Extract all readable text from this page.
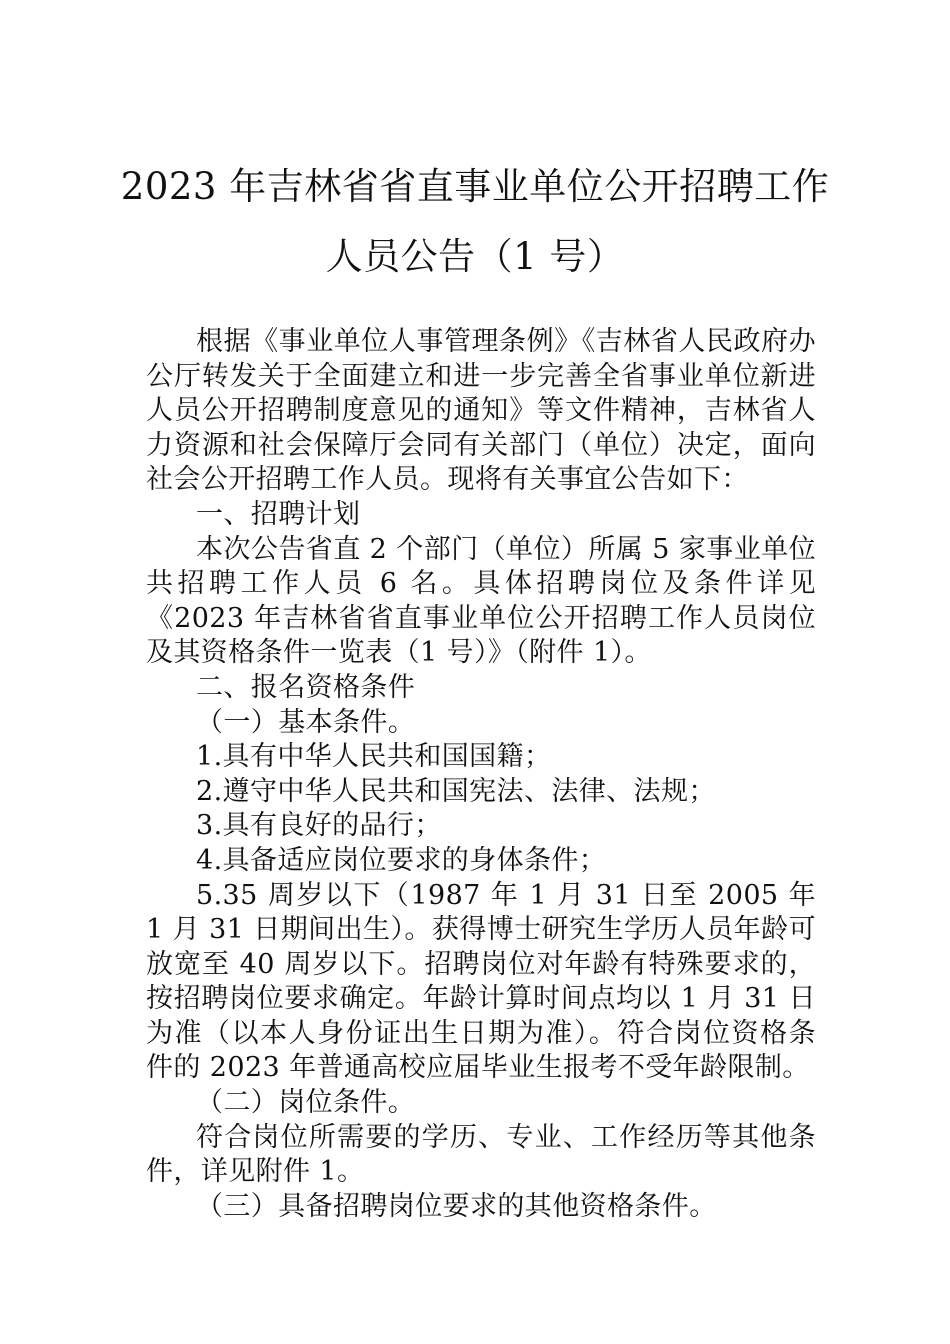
2023 年吉林省省直事业单位公开招聘工作
人员公告（1 号）

根据《事业单位人事管理条例》《吉林省人民政府办公厅转发关于全面建立和进一步完善全省事业单位新进人员公开招聘制度意见的通知》等文件精神，吉林省人力资源和社会保障厅会同有关部门（单位）决定，面向社会公开招聘工作人员。现将有关事宜公告如下：

一、招聘计划

本次公告省直 2 个部门（单位）所属 5 家事业单位共招聘工作人员 6 名。具体招聘岗位及条件详见《2023 年吉林省省直事业单位公开招聘工作人员岗位及其资格条件一览表（1 号）》（附件 1）。

二、报名资格条件

（一）基本条件。

1.具有中华人民共和国国籍；

2.遵守中华人民共和国宪法、法律、法规；

3.具有良好的品行；

4.具备适应岗位要求的身体条件；

5.35 周岁以下（1987 年 1 月 31 日至 2005 年 1 月 31 日期间出生）。获得博士研究生学历人员年龄可放宽至 40 周岁以下。招聘岗位对年龄有特殊要求的，按招聘岗位要求确定。年龄计算时间点均以 1 月 31 日为准（以本人身份证出生日期为准）。符合岗位资格条件的 2023 年普通高校应届毕业生报考不受年龄限制。

（二）岗位条件。

符合岗位所需要的学历、专业、工作经历等其他条件，详见附件 1。

（三）具备招聘岗位要求的其他资格条件。
